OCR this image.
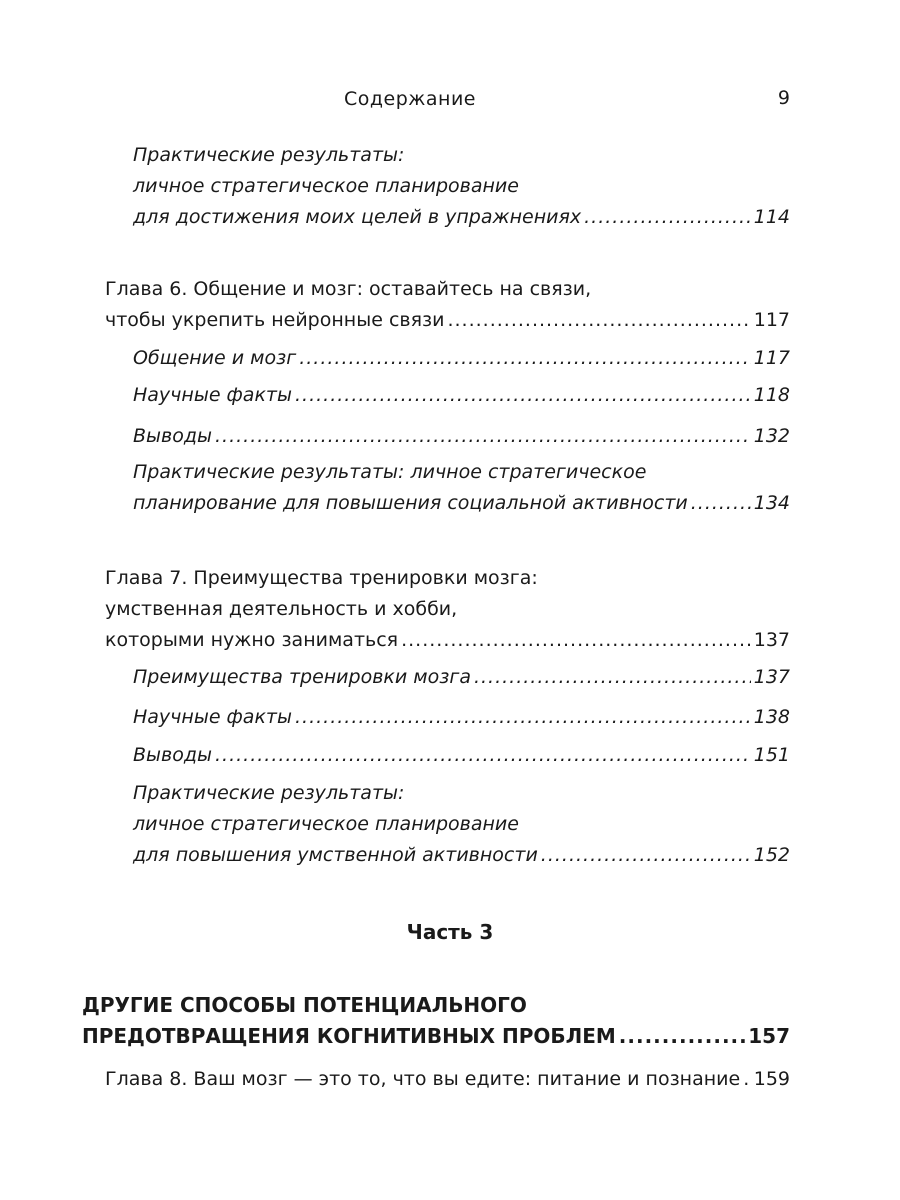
Содержание	9
Практические результаты:
личное стратегическое планирование
для достижения моих целей в упражнениях .....	114
Глава 6. Общение и мозг: оставайтесь на связи,
чтобы укрепить нейронные связи .....	117
Общение и мозг .....	117
Научные факты .....	118
Выводы .....	132
Практические результаты: личное стратегическое
планирование для повышения социальной активности .....	134
Глава 7. Преимущества тренировки мозга:
умственная деятельность и хобби,
которыми нужно заниматься .....	137
Преимущества тренировки мозга .....	137
Научные факты .....	138
Выводы .....	151
Практические результаты:
личное стратегическое планирование
для повышения умственной активности .....	152
Часть 3
ДРУГИЕ СПОСОБЫ ПОТЕНЦИАЛЬНОГО
ПРЕДОТВРАЩЕНИЯ КОГНИТИВНЫХ ПРОБЛЕМ .....	157
Глава 8. Ваш мозг — это то, что вы едите: питание и познание ..... 159
